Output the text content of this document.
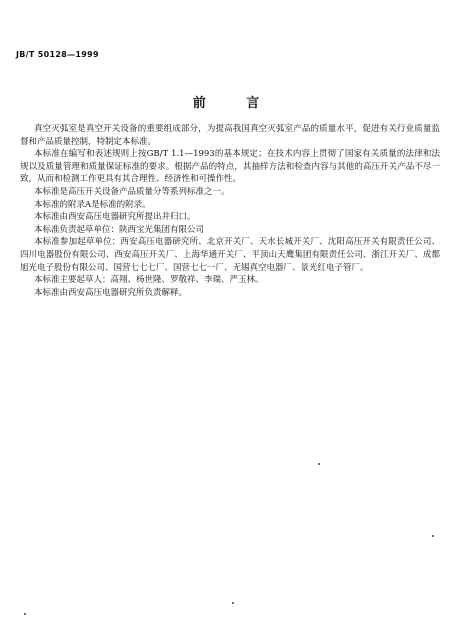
JB/T 50128—1999
前 言

真空灭弧室是真空开关设备的重要组成部分，为提高我国真空灭弧室产品的质量水平，促进有关行业质量监督和产品质量控制，特制定本标准。

本标准在编写和表述规则上按GB/T 1.1—1993的基本规定；在技术内容上贯彻了国家有关质量的法律和法规以及质量管理和质量保证标准的要求。根据产品的特点，其抽样方法和检查内容与其他的高压开关产品不尽一致，从而和检测工作更具有其合理性、经济性和可操作性。

本标准是高压开关设备产品质量分等系列标准之一。

本标准的附录A是标准的附录。

本标准由西安高压电器研究所提出并归口。

本标准负责起草单位：陕西宝光集团有限公司

本标准参加起草单位：西安高压电器研究所、北京开关厂、天水长城开关厂、沈阳高压开关有限责任公司、四川电器股份有限公司、西安高压开关厂、上海华通开关厂、平顶山天鹰集团有限责任公司、浙江开关厂、成都旭光电子股份有限公司、国营七七七厂、国营七七一厂、无锡真空电器厂、景光红电子管厂。

本标准主要起草人：高翔、杨世隆、罗敬祥、李瑞、严玉林。

本标准由西安高压电器研究所负责解释。
